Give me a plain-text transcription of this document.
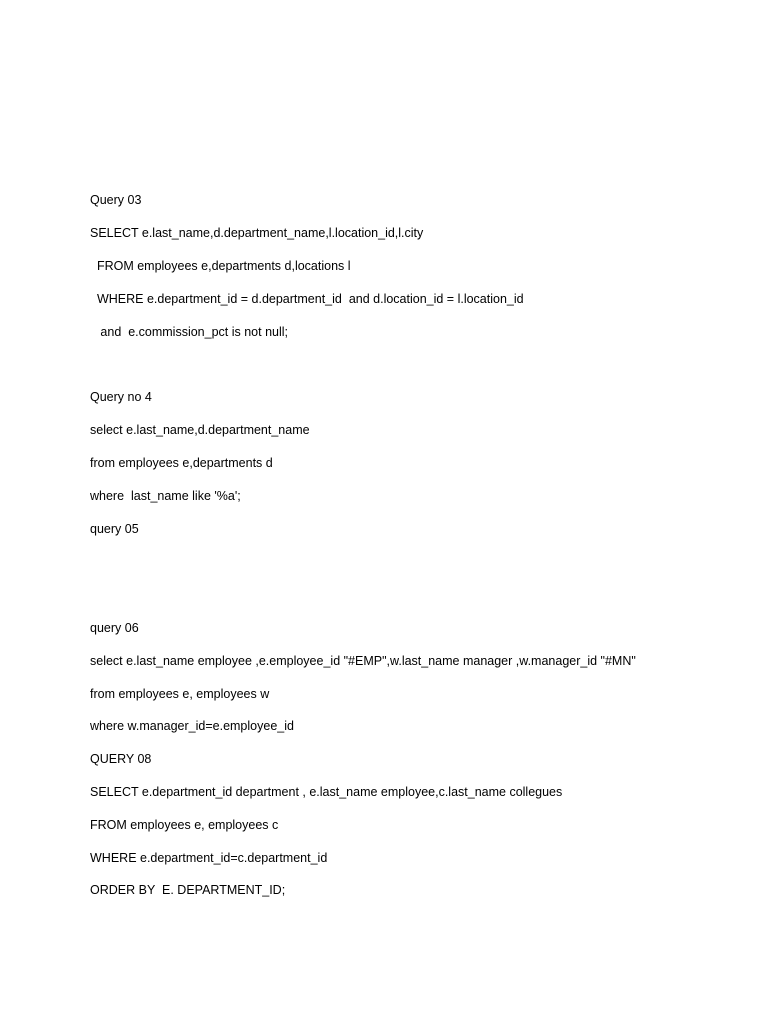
Query 03

SELECT e.last_name,d.department_name,l.location_id,l.city

FROM employees e,departments d,locations l

WHERE e.department_id = d.department_id  and d.location_id = l.location_id

and  e.commission_pct is not null;

Query no 4

select e.last_name,d.department_name

from employees e,departments d

where  last_name like '%a';

query 05

query 06

select e.last_name employee ,e.employee_id "#EMP",w.last_name manager ,w.manager_id "#MN"

from employees e, employees w

where w.manager_id=e.employee_id

QUERY 08

SELECT e.department_id department , e.last_name employee,c.last_name collegues

FROM employees e, employees c

WHERE e.department_id=c.department_id

ORDER BY  E. DEPARTMENT_ID;
